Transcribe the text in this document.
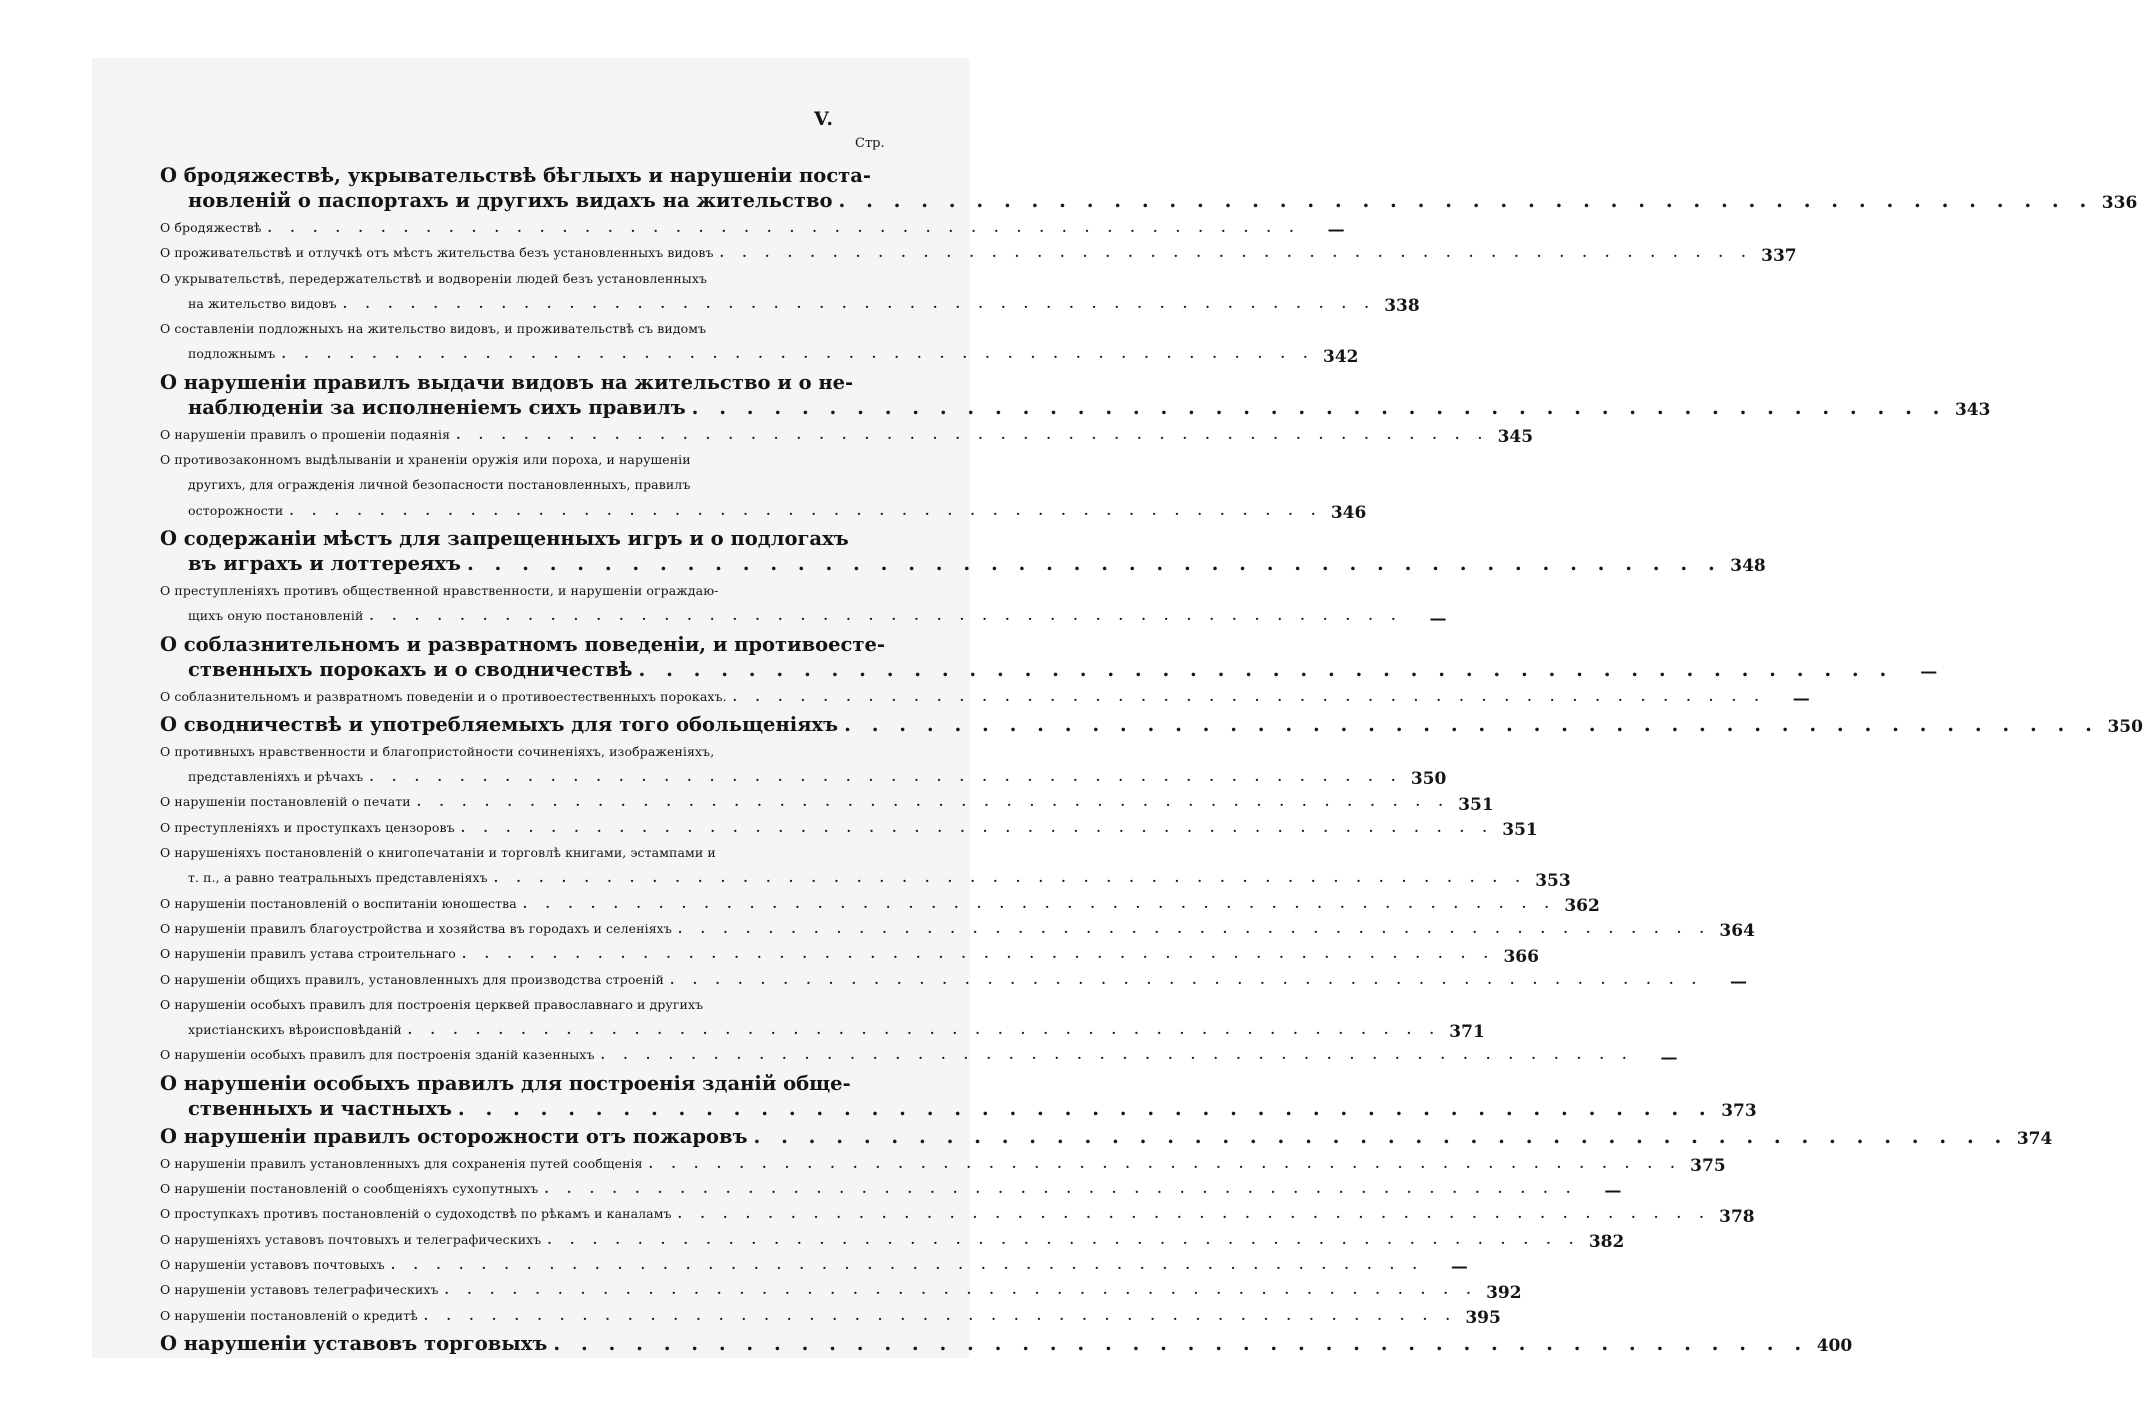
V.
Стр.
О бродяжествѣ, укрывательствѣ бѣглыхъ и нарушеніи поста-
новленій о паспортахъ и другихъ видахъ на жительство . . . . . . . . . . . . . . . . . . . . . . . . . . . . . . . . . . . . . . . . . . . . . . 336
О бродяжествѣ . . . . . . . . . . . . . . . . . . . . . . . . . . . . . . . . . . . . . . . . . . . . . .	—
О проживательствѣ и отлучкѣ отъ мѣстъ жительства безъ установленныхъ видовъ . . . . . . . . . . . . . . . . . . . . . . . . . . . . . . . . . . . . . . . . . . . . . . 337
О укрывательствѣ, передержательствѣ и водвореніи людей безъ установленныхъ
на жительство видовъ . . . . . . . . . . . . . . . . . . . . . . . . . . . . . . . . . . . . . . . . . . . . . . 338
О составленіи подложныхъ на жительство видовъ, и проживательствѣ съ видомъ
подложнымъ . . . . . . . . . . . . . . . . . . . . . . . . . . . . . . . . . . . . . . . . . . . . . . 342
О нарушеніи правилъ выдачи видовъ на жительство и о не-
наблюденіи за исполненіемъ сихъ правилъ . . . . . . . . . . . . . . . . . . . . . . . . . . . . . . . . . . . . . . . . . . . . . . 343
О нарушеніи правилъ о прошеніи подаянія . . . . . . . . . . . . . . . . . . . . . . . . . . . . . . . . . . . . . . . . . . . . . . 345
О противозаконномъ выдѣлываніи и храненіи оружія или пороха, и нарушеніи
другихъ, для огражденія личной безопасности постановленныхъ, правилъ
осторожности . . . . . . . . . . . . . . . . . . . . . . . . . . . . . . . . . . . . . . . . . . . . . . 346
О содержаніи мѣстъ для запрещенныхъ игръ и о подлогахъ
въ играхъ и лоттереяхъ . . . . . . . . . . . . . . . . . . . . . . . . . . . . . . . . . . . . . . . . . . . . . . 348
О преступленіяхъ противъ общественной нравственности, и нарушеніи ограждаю-
щихъ оную постановленій . . . . . . . . . . . . . . . . . . . . . . . . . . . . . . . . . . . . . . . . . . . . . .	—
О соблазнительномъ и развратномъ поведеніи, и противоесте-
ственныхъ порокахъ и о сводничествѣ . . . . . . . . . . . . . . . . . . . . . . . . . . . . . . . . . . . . . . . . . . . . . .	—
О соблазнительномъ и развратномъ поведеніи и о противоестественныхъ порокахъ. . . . . . . . . . . . . . . . . . . . . . . . . . . . . . . . . . . . . . . . . . . . . . .	—
О сводничествѣ и употребляемыхъ для того обольщеніяхъ . . . . . . . . . . . . . . . . . . . . . . . . . . . . . . . . . . . . . . . . . . . . . . 350
О противныхъ нравственности и благопристойности сочиненіяхъ, изображеніяхъ,
представленіяхъ и рѣчахъ . . . . . . . . . . . . . . . . . . . . . . . . . . . . . . . . . . . . . . . . . . . . . . 350
О нарушеніи постановленій о печати . . . . . . . . . . . . . . . . . . . . . . . . . . . . . . . . . . . . . . . . . . . . . . 351
О преступленіяхъ и проступкахъ цензоровъ . . . . . . . . . . . . . . . . . . . . . . . . . . . . . . . . . . . . . . . . . . . . . . 351
О нарушеніяхъ постановленій о книгопечатаніи и торговлѣ книгами, эстампами и
т. п., а равно театральныхъ представленіяхъ . . . . . . . . . . . . . . . . . . . . . . . . . . . . . . . . . . . . . . . . . . . . . . 353
О нарушеніи постановленій о воспитаніи юношества . . . . . . . . . . . . . . . . . . . . . . . . . . . . . . . . . . . . . . . . . . . . . . 362
О нарушеніи правилъ благоустройства и хозяйства въ городахъ и селеніяхъ . . . . . . . . . . . . . . . . . . . . . . . . . . . . . . . . . . . . . . . . . . . . . . 364
О нарушеніи правилъ устава строительнаго . . . . . . . . . . . . . . . . . . . . . . . . . . . . . . . . . . . . . . . . . . . . . . 366
О нарушеніи общихъ правилъ, установленныхъ для производства строеній . . . . . . . . . . . . . . . . . . . . . . . . . . . . . . . . . . . . . . . . . . . . . .	—
О нарушеніи особыхъ правилъ для построенія церквей православнаго и другихъ
христіанскихъ вѣроисповѣданій . . . . . . . . . . . . . . . . . . . . . . . . . . . . . . . . . . . . . . . . . . . . . . 371
О нарушеніи особыхъ правилъ для построенія зданій казенныхъ . . . . . . . . . . . . . . . . . . . . . . . . . . . . . . . . . . . . . . . . . . . . . .	—
О нарушеніи особыхъ правилъ для построенія зданій обще-
ственныхъ и частныхъ . . . . . . . . . . . . . . . . . . . . . . . . . . . . . . . . . . . . . . . . . . . . . . 373
О нарушеніи правилъ осторожности отъ пожаровъ . . . . . . . . . . . . . . . . . . . . . . . . . . . . . . . . . . . . . . . . . . . . . . 374
О нарушеніи правилъ установленныхъ для сохраненія путей сообщенія . . . . . . . . . . . . . . . . . . . . . . . . . . . . . . . . . . . . . . . . . . . . . . 375
О нарушеніи постановленій о сообщеніяхъ сухопутныхъ . . . . . . . . . . . . . . . . . . . . . . . . . . . . . . . . . . . . . . . . . . . . . .	—
О проступкахъ противъ постановленій о судоходствѣ по рѣкамъ и каналамъ . . . . . . . . . . . . . . . . . . . . . . . . . . . . . . . . . . . . . . . . . . . . . . 378
О нарушеніяхъ уставовъ почтовыхъ и телеграфическихъ . . . . . . . . . . . . . . . . . . . . . . . . . . . . . . . . . . . . . . . . . . . . . . 382
О нарушеніи уставовъ почтовыхъ . . . . . . . . . . . . . . . . . . . . . . . . . . . . . . . . . . . . . . . . . . . . . .	—
О нарушеніи уставовъ телеграфическихъ . . . . . . . . . . . . . . . . . . . . . . . . . . . . . . . . . . . . . . . . . . . . . . 392
О нарушеніи постановленій о кредитѣ . . . . . . . . . . . . . . . . . . . . . . . . . . . . . . . . . . . . . . . . . . . . . . 395
О нарушеніи уставовъ торговыхъ . . . . . . . . . . . . . . . . . . . . . . . . . . . . . . . . . . . . . . . . . . . . . . 400
